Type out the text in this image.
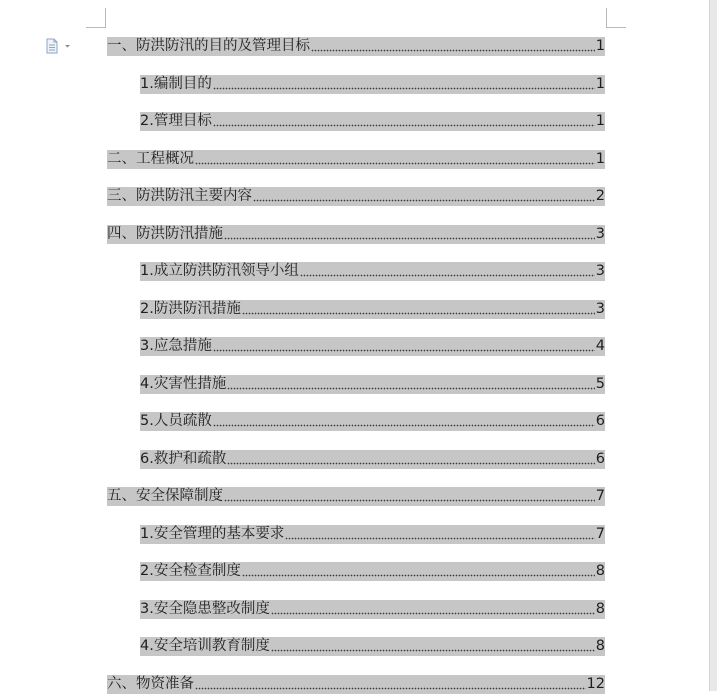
一、防洪防汛的目的及管理目标	1
1.编制目的	1
2.管理目标	1
二、工程概况	1
三、防洪防汛主要内容	2
四、防洪防汛措施	3
1.成立防洪防汛领导小组	3
2.防洪防汛措施	3
3.应急措施	4
4.灾害性措施	5
5.人员疏散	6
6.救护和疏散	6
五、安全保障制度	7
1.安全管理的基本要求	7
2.安全检查制度	8
3.安全隐患整改制度	8
4.安全培训教育制度	8
六、物资准备	12
